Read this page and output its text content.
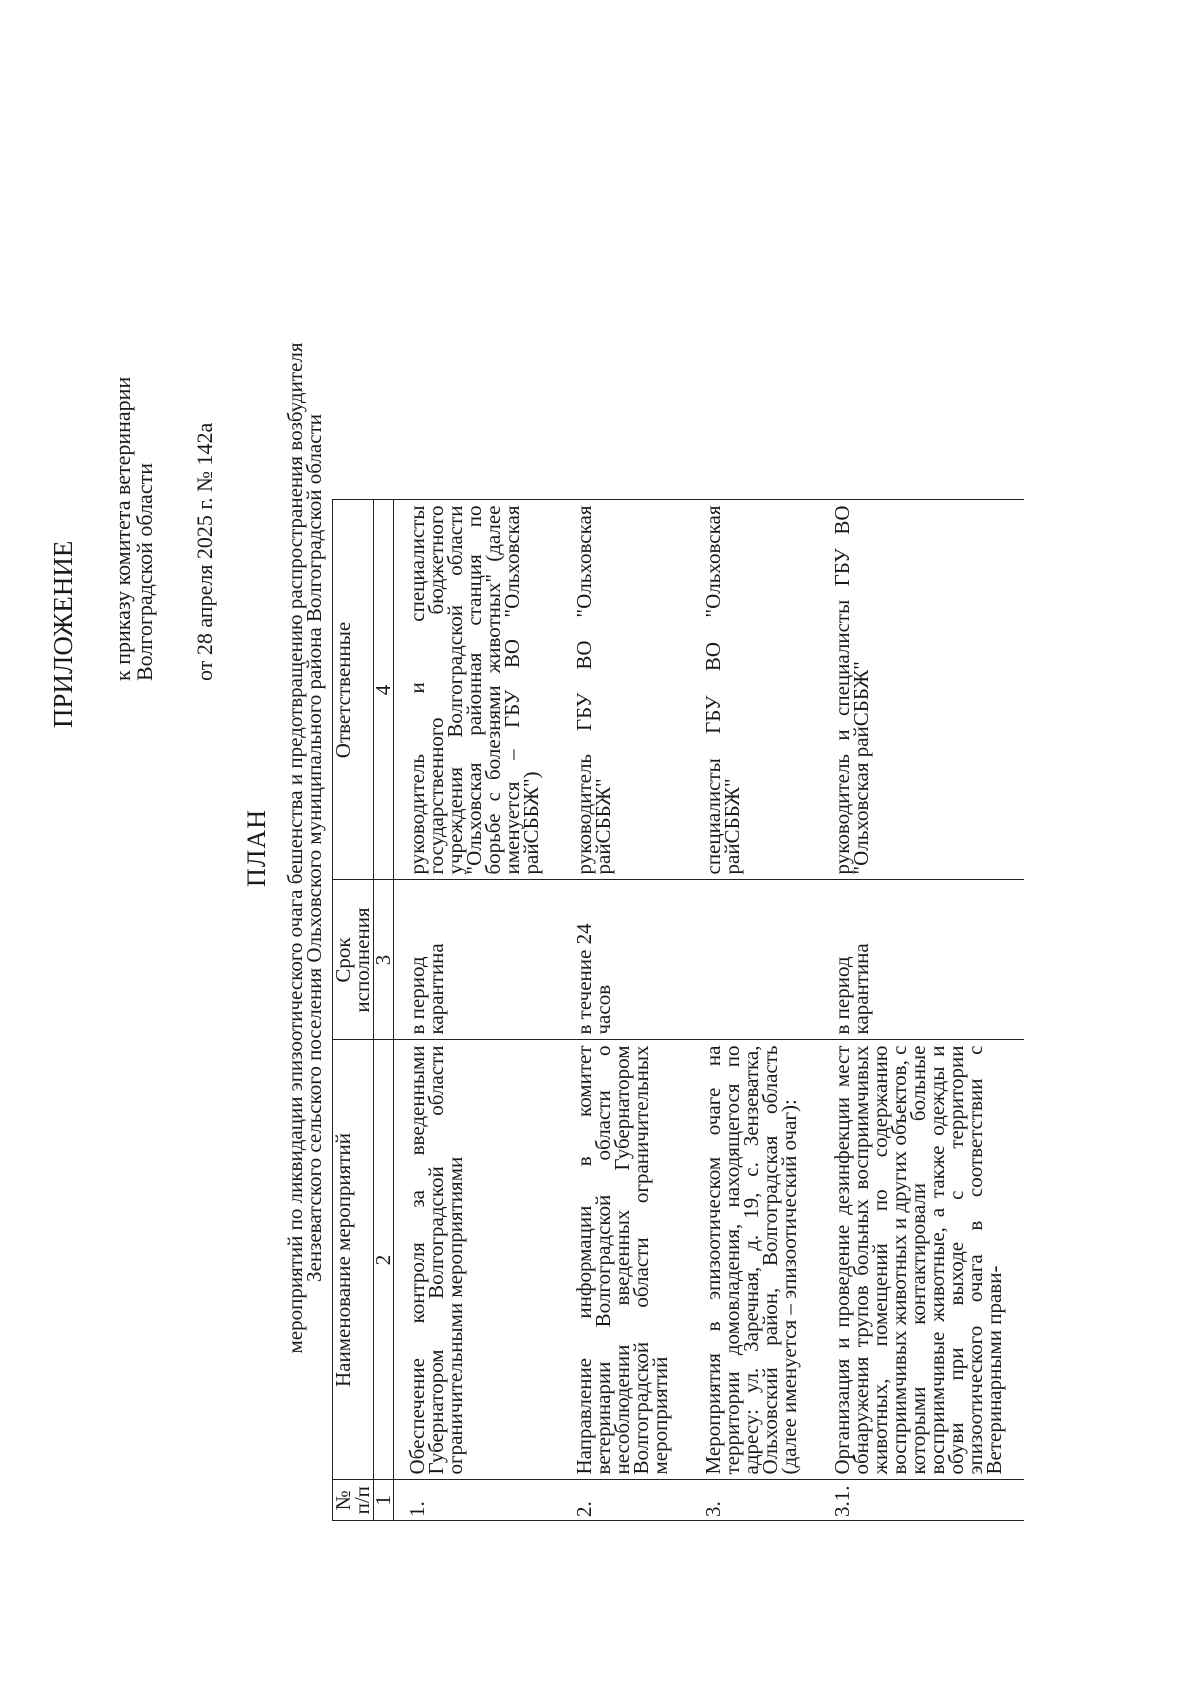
ПРИЛОЖЕНИЕ к приказу комитета ветеринарии
Волгоградской области от 28 апреля 2025 г. № 142а
ПЛАН мероприятий по ликвидации эпизоотического очага бешенства и предотвращению распространения возбудителя
Зензеватского сельского поселения Ольховского муниципального района Волгоградской области
№ п/п	Наименование мероприятий	Срок исполнения	Ответственные
1	2	3	4
1.	Обеспечение контроля за введенными Губернатором Волгоградской области ограничительными мероприятиями	в период карантина	руководитель и специалисты государственного бюджетного учреждения Волгоградской области "Ольховская районная станция по борьбе с болезнями животных" (далее именуется – ГБУ ВО "Ольховская райСББЖ")
2.	Направление информации в комитет ветеринарии Волгоградской области о несоблюдении введенных Губернатором Волгоградской области ограничительных мероприятий	в течение 24 часов	руководитель ГБУ ВО "Ольховская
райСББЖ"

3.	Мероприятия в эпизоотическом очаге на территории домовладения, находящегося по адресу: ул. Заречная, д. 19, с. Зензеватка, Ольховский район, Волгоградская область (далее именуется – эпизоотический очаг):		специалисты ГБУ ВО "Ольховская
райСББЖ"

3.1.	Организация и проведение дезинфекции мест обнаружения трупов больных восприимчивых животных, помещений по содержанию восприимчивых животных и других объектов, с которыми контактировали больные восприимчивые животные, а также одежды и обуви при выходе с территории эпизоотического очага в соответствии с Ветеринарными прави-	в период карантина	руководитель и специалисты ГБУ ВО
"Ольховская райСББЖ"
